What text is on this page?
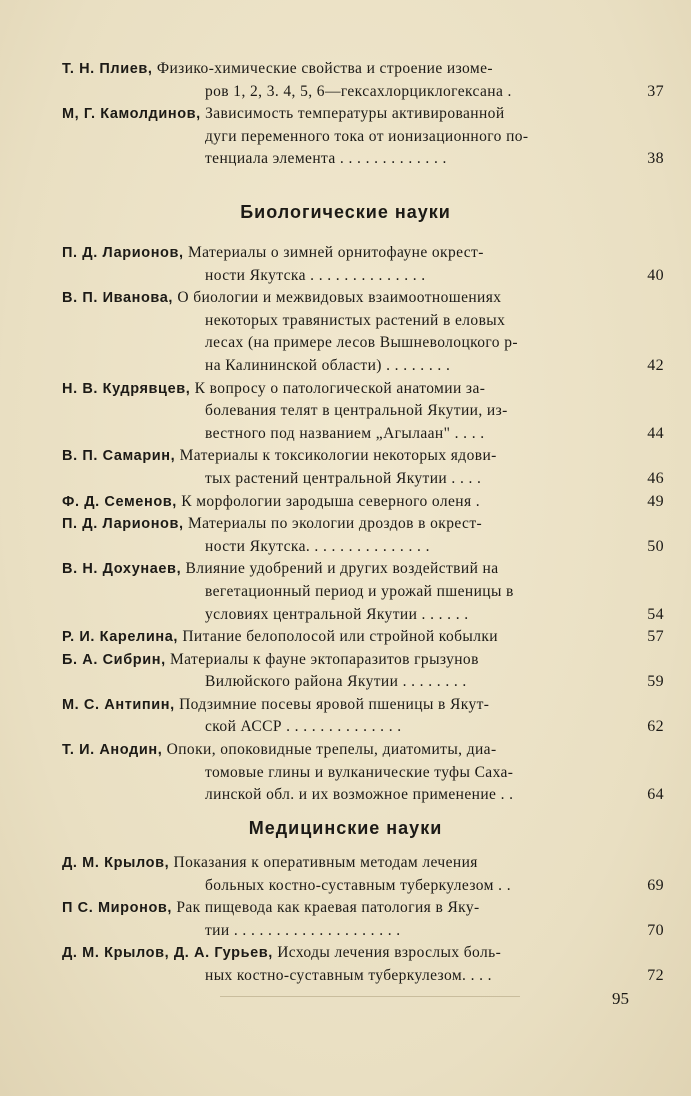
Т. Н. Плиев, Физико-химические свойства и строение изоме-
ров 1, 2, 3. 4, 5, 6—гексахлорциклогексана .	37
М, Г. Камолдинов, Зависимость температуры активированной
дуги переменного тока от ионизационного по-
тенциала элемента . . . . . . . . . . . . .	38
Биологические науки
П. Д. Ларионов, Материалы о зимней орнитофауне окрест-
ности Якутска . . . . . . . . . . . . . .	40
В. П. Иванова, О биологии и межвидовых взаимоотношениях
некоторых травянистых растений в еловых
лесах (на примере лесов Вышневолоцкого р-
на Калининской области) . . . . . . . .	42
Н. В. Кудрявцев, К вопросу о патологической анатомии за-
болевания телят в центральной Якутии, из-
вестного под названием „Агылаан" . . . .	44
В. П. Самарин, Материалы к токсикологии некоторых ядови-
тых растений центральной Якутии . . . .	46
Ф. Д. Семенов, К морфологии зародыша северного оленя .	49
П. Д. Ларионов, Материалы по экологии дроздов в окрест-
ности Якутска. . . . . . . . . . . . . . .	50
В. Н. Дохунаев, Влияние удобрений и других воздействий на
вегетационный период и урожай пшеницы в
условиях центральной Якутии . . . . . .	54
Р. И. Карелина, Питание белополосой или стройной кобылки	57
Б. А. Сибрин, Материалы к фауне эктопаразитов грызунов
Вилюйского района Якутии . . . . . . . .	59
М. С. Антипин, Подзимние посевы яровой пшеницы в Якут-
ской АССР . . . . . . . . . . . . . .	62
Т. И. Анодин, Опоки, опоковидные трепелы, диатомиты, диа-
томовые глины и вулканические туфы Саха-
линской обл. и их возможное применение . .	64
Медицинские науки
Д. М. Крылов, Показания к оперативным методам лечения
больных костно-суставным туберкулезом . .	69
П С. Миронов, Рак пищевода как краевая патология в Яку-
тии . . . . . . . . . . . . . . . . . . . .	70
Д. М. Крылов, Д. А. Гурьев, Исходы лечения взрослых боль-
ных костно-суставным туберкулезом. . . .	72
95
